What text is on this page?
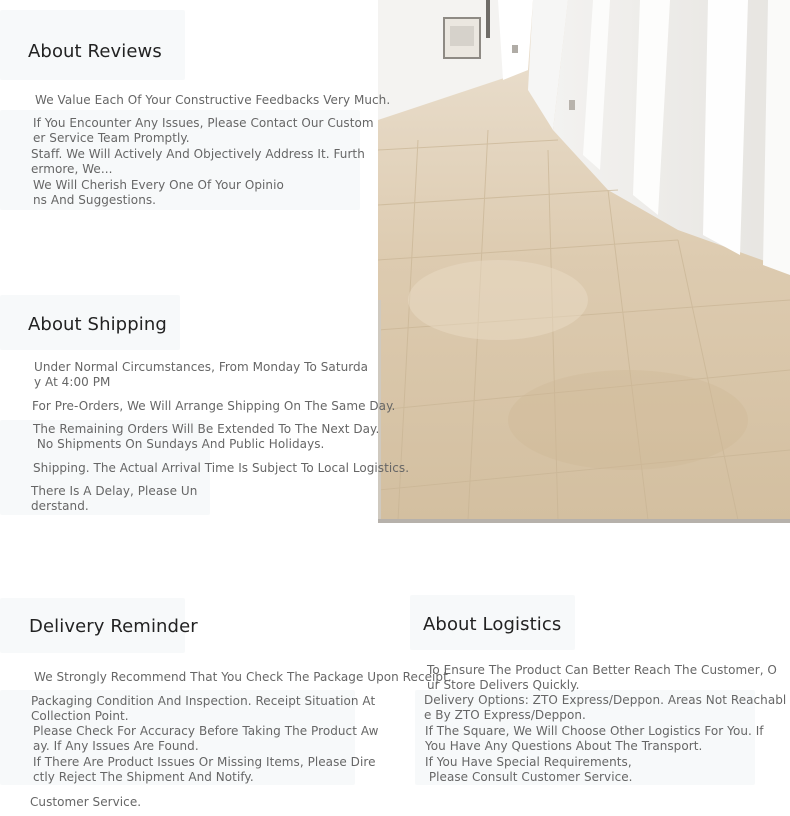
About Reviews
We Value Each Of Your Constructive Feedbacks Very Much.
If You Encounter Any Issues, Please Contact Our Custom
er Service Team Promptly.
Staff. We Will Actively And Objectively Address It. Furth
ermore, We...
We Will Cherish Every One Of Your Opinio
ns And Suggestions.
About Shipping
Under Normal Circumstances, From Monday To Saturda
y At 4:00 PM
For Pre-Orders, We Will Arrange Shipping On The Same Day.
The Remaining Orders Will Be Extended To The Next Day.
No Shipments On Sundays And Public Holidays.
Shipping. The Actual Arrival Time Is Subject To Local Logistics.
There Is A Delay, Please Un
derstand.
Delivery Reminder
We Strongly Recommend That You Check The Package Upon Receipt.
Packaging Condition And Inspection. Receipt Situation At
Collection Point.
Please Check For Accuracy Before Taking The Product Aw
ay. If Any Issues Are Found.
If There Are Product Issues Or Missing Items, Please Dire
ctly Reject The Shipment And Notify.
Customer Service.
About Logistics
To Ensure The Product Can Better Reach The Customer, O
ur Store Delivers Quickly.
Delivery Options: ZTO Express/Deppon. Areas Not Reachabl
e By ZTO Express/Deppon.
If The Square, We Will Choose Other Logistics For You. If
You Have Any Questions About The Transport.
If You Have Special Requirements,
Please Consult Customer Service.
